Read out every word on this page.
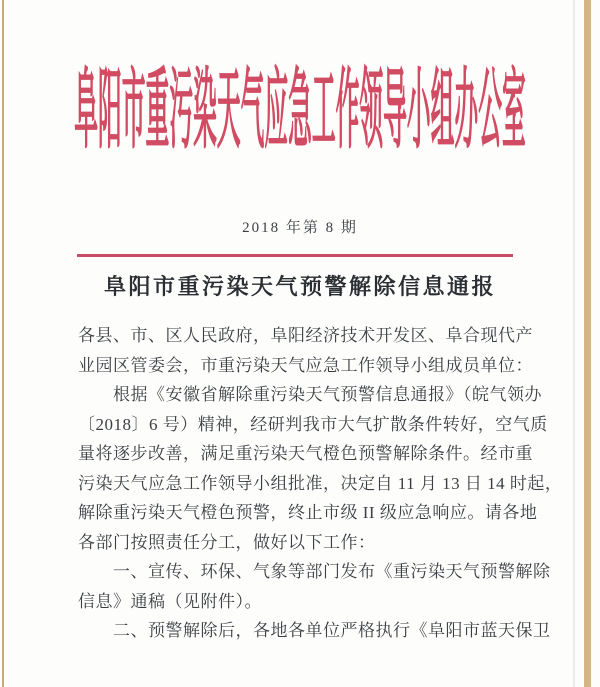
阜阳市重污染天气应急工作领导小组办公室
2018 年第 8 期
阜阳市重污染天气预警解除信息通报

各县、市、区人民政府，阜阳经济技术开发区、阜合现代产

业园区管委会，市重污染天气应急工作领导小组成员单位：

根据《安徽省解除重污染天气预警信息通报》（皖气领办

〔2018〕6 号）精神，经研判我市大气扩散条件转好，空气质

量将逐步改善，满足重污染天气橙色预警解除条件。经市重

污染天气应急工作领导小组批准，决定自 11 月 13 日 14 时起，

解除重污染天气橙色预警，终止市级 II 级应急响应。请各地

各部门按照责任分工，做好以下工作：

一、宣传、环保、气象等部门发布《重污染天气预警解除

信息》通稿（见附件）。

二、预警解除后，各地各单位严格执行《阜阳市蓝天保卫
